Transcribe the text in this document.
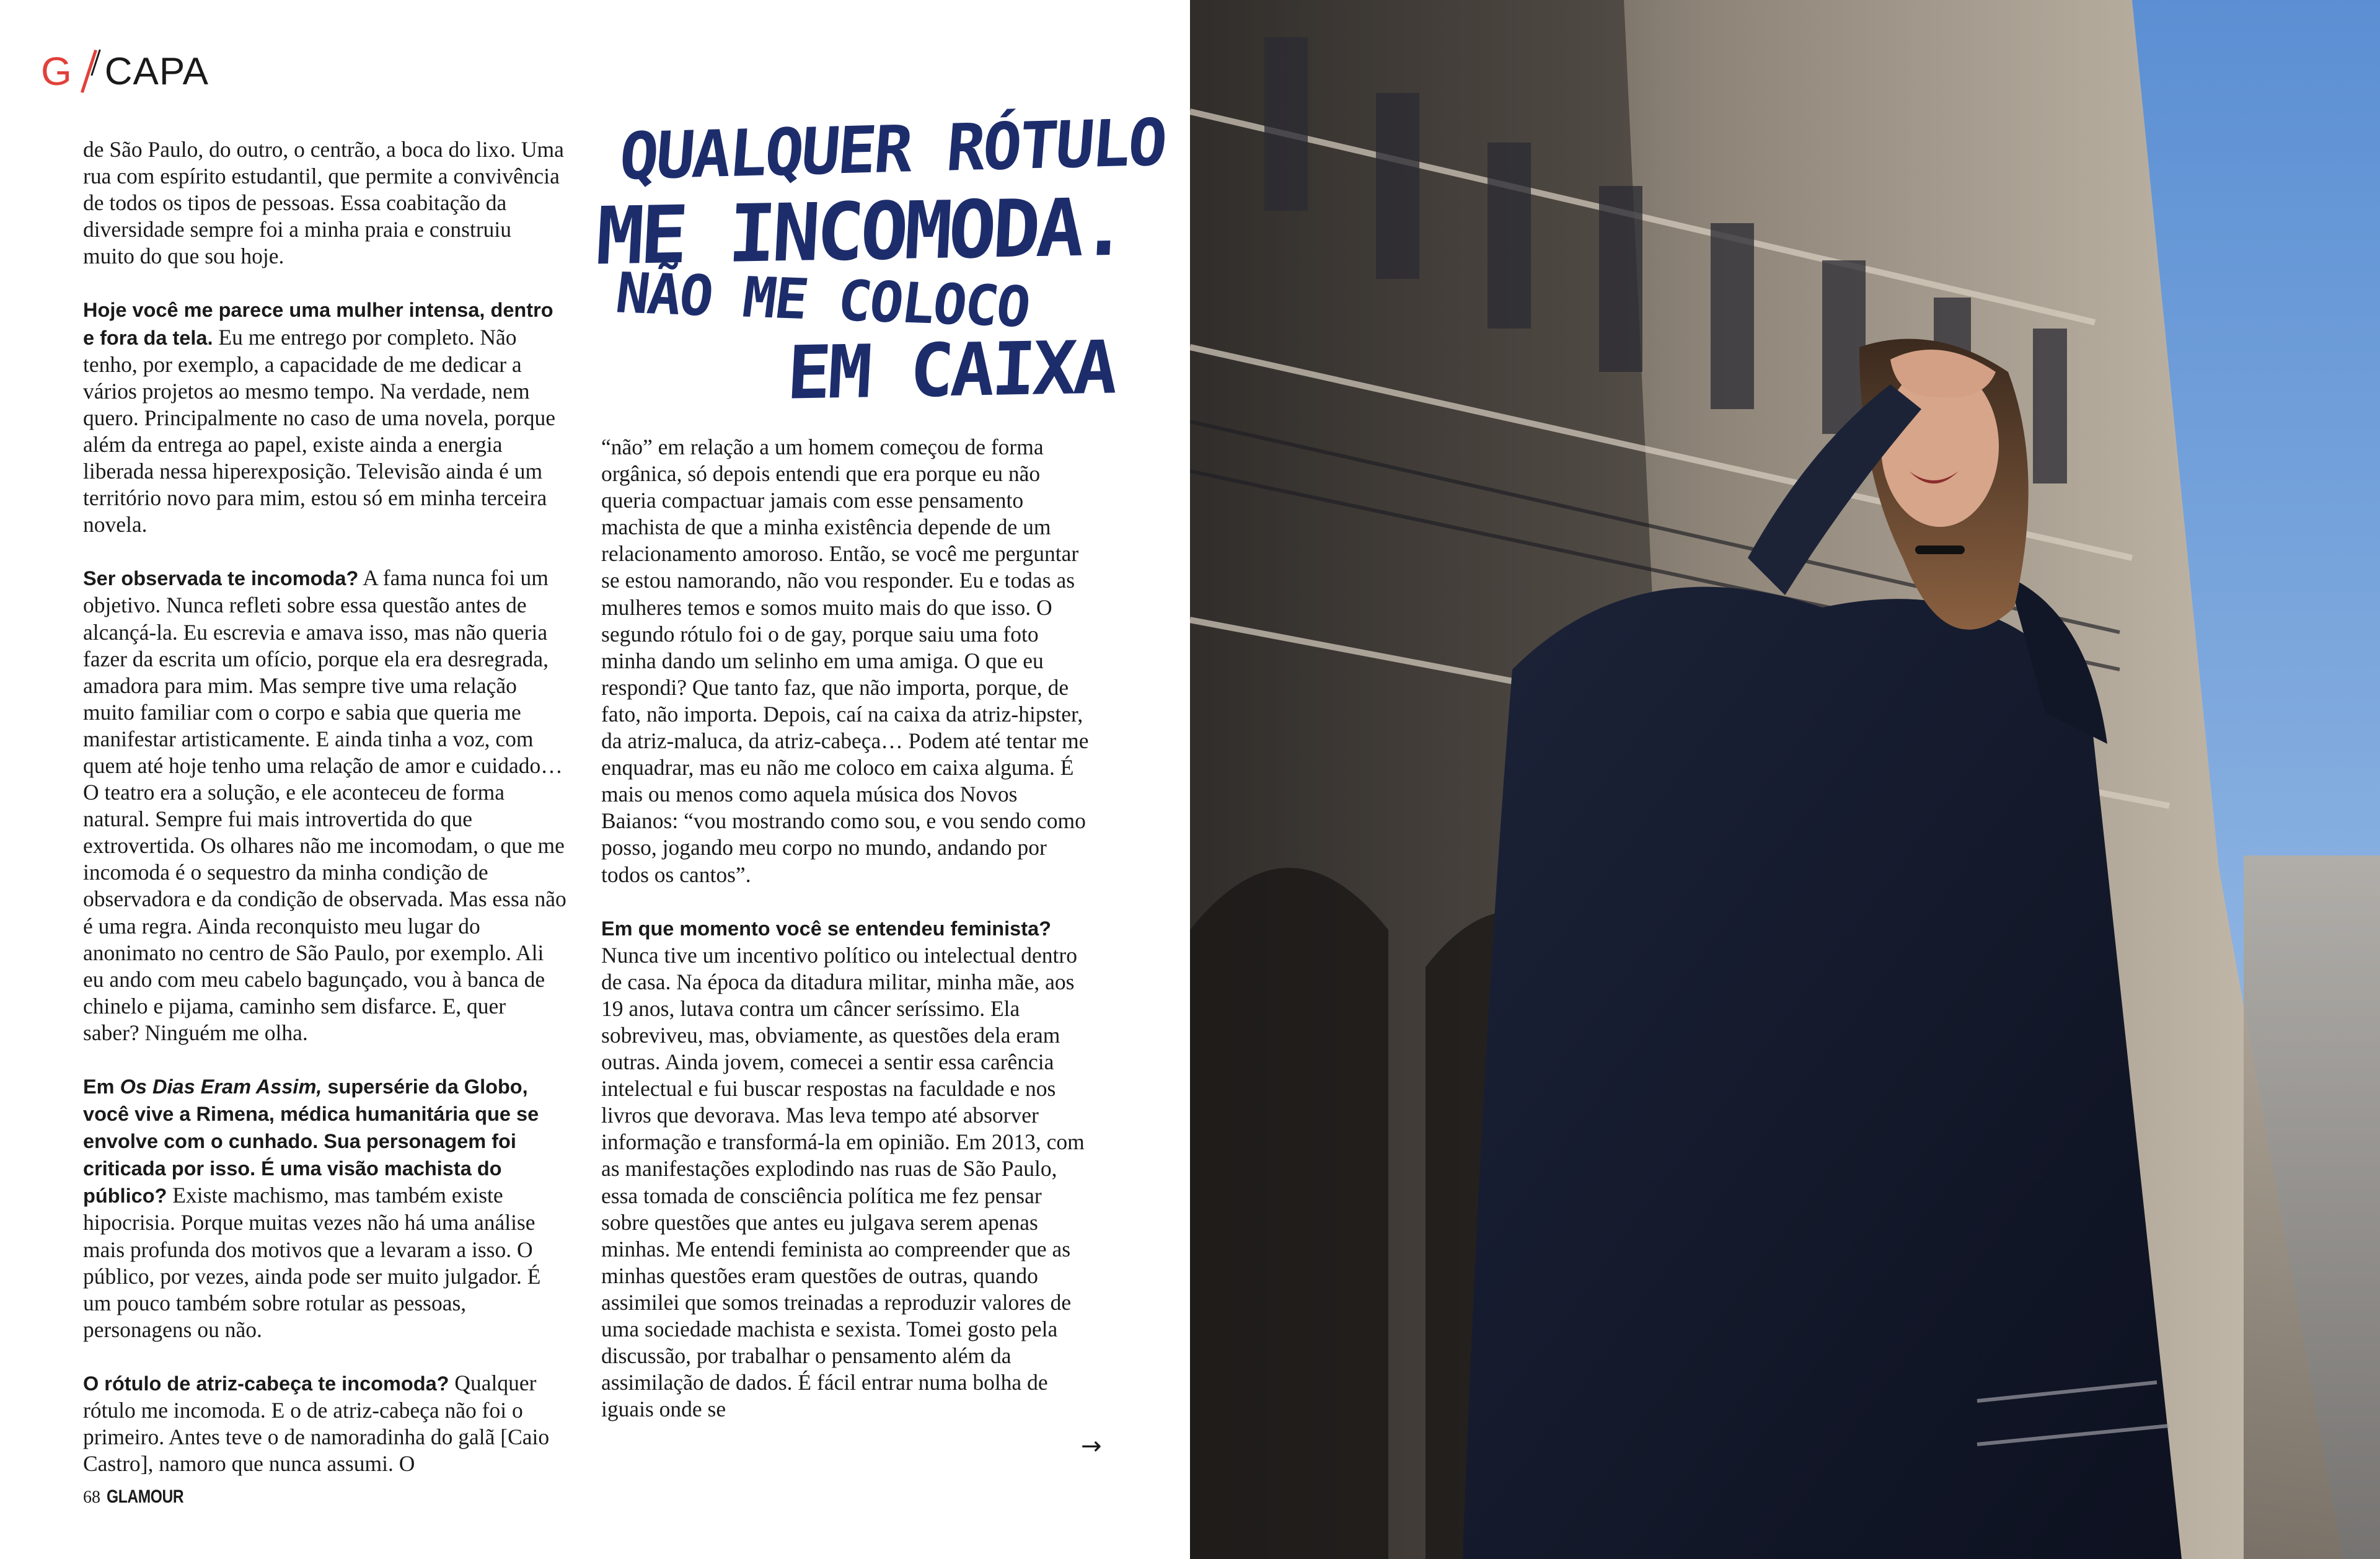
G CAPA
QUALQUER RÓTULO
ME INCOMODA.
NÃO ME COLOCO
EM CAIXA

de São Paulo, do outro, o centrão, a boca do lixo. Uma rua com espírito estudantil, que permite a convivência de todos os tipos de pessoas. Essa coabitação da diversidade sempre foi a minha praia e construiu muito do que sou hoje.

Hoje você me parece uma mulher intensa, dentro e fora da tela. Eu me entrego por completo. Não tenho, por exemplo, a capacidade de me dedicar a vários projetos ao mesmo tempo. Na verdade, nem quero. Principalmente no caso de uma novela, porque além da entrega ao papel, existe ainda a energia liberada nessa hiperexposição. Televisão ainda é um território novo para mim, estou só em minha terceira novela.

Ser observada te incomoda? A fama nunca foi um objetivo. Nunca refleti sobre essa questão antes de alcançá-la. Eu escrevia e amava isso, mas não queria fazer da escrita um ofício, porque ela era desregrada, amadora para mim. Mas sempre tive uma relação muito familiar com o corpo e sabia que queria me manifestar artisticamente. E ainda tinha a voz, com quem até hoje tenho uma relação de amor e cuidado… O teatro era a solução, e ele aconteceu de forma natural. Sempre fui mais introvertida do que extrovertida. Os olhares não me incomodam, o que me incomoda é o sequestro da minha condição de observadora e da condição de observada. Mas essa não é uma regra. Ainda reconquisto meu lugar do anonimato no centro de São Paulo, por exemplo. Ali eu ando com meu cabelo bagunçado, vou à banca de chinelo e pijama, caminho sem disfarce. E, quer saber? Ninguém me olha.

Em Os Dias Eram Assim, supersérie da Globo, você vive a Rimena, médica humanitária que se envolve com o cunhado. Sua personagem foi criticada por isso. É uma visão machista do público? Existe machismo, mas também existe hipocrisia. Porque muitas vezes não há uma análise mais profunda dos motivos que a levaram a isso. O público, por vezes, ainda pode ser muito julgador. É um pouco também sobre rotular as pessoas, personagens ou não.

O rótulo de atriz-cabeça te incomoda? Qualquer rótulo me incomoda. E o de atriz-cabeça não foi o primeiro. Antes teve o de namoradinha do galã [Caio Castro], namoro que nunca assumi. O

“não” em relação a um homem começou de forma orgânica, só depois entendi que era porque eu não queria compactuar jamais com esse pensamento machista de que a minha existência depende de um relacionamento amoroso. Então, se você me perguntar se estou namorando, não vou responder. Eu e todas as mulheres temos e somos muito mais do que isso. O segundo rótulo foi o de gay, porque saiu uma foto minha dando um selinho em uma amiga. O que eu respondi? Que tanto faz, que não importa, porque, de fato, não importa. Depois, caí na caixa da atriz-hipster, da atriz-maluca, da atriz-cabeça… Podem até tentar me enquadrar, mas eu não me coloco em caixa alguma. É mais ou menos como aquela música dos Novos Baianos: “vou mostrando como sou, e vou sendo como posso, jogando meu corpo no mundo, andando por todos os cantos”.

Em que momento você se entendeu feminista? Nunca tive um incentivo político ou intelectual dentro de casa. Na época da ditadura militar, minha mãe, aos 19 anos, lutava contra um câncer seríssimo. Ela sobreviveu, mas, obviamente, as questões dela eram outras. Ainda jovem, comecei a sentir essa carência intelectual e fui buscar respostas na faculdade e nos livros que devorava. Mas leva tempo até absorver informação e transformá-la em opinião. Em 2013, com as manifestações explodindo nas ruas de São Paulo, essa tomada de consciência política me fez pensar sobre questões que antes eu julgava serem apenas minhas. Me entendi feminista ao compreender que as minhas questões eram questões de outras, quando assimilei que somos treinadas a reproduzir valores de uma sociedade machista e sexista. Tomei gosto pela discussão, por trabalhar o pensamento além da assimilação de dados. É fácil entrar numa bolha de iguais onde se

→
68 GLAMOUR
